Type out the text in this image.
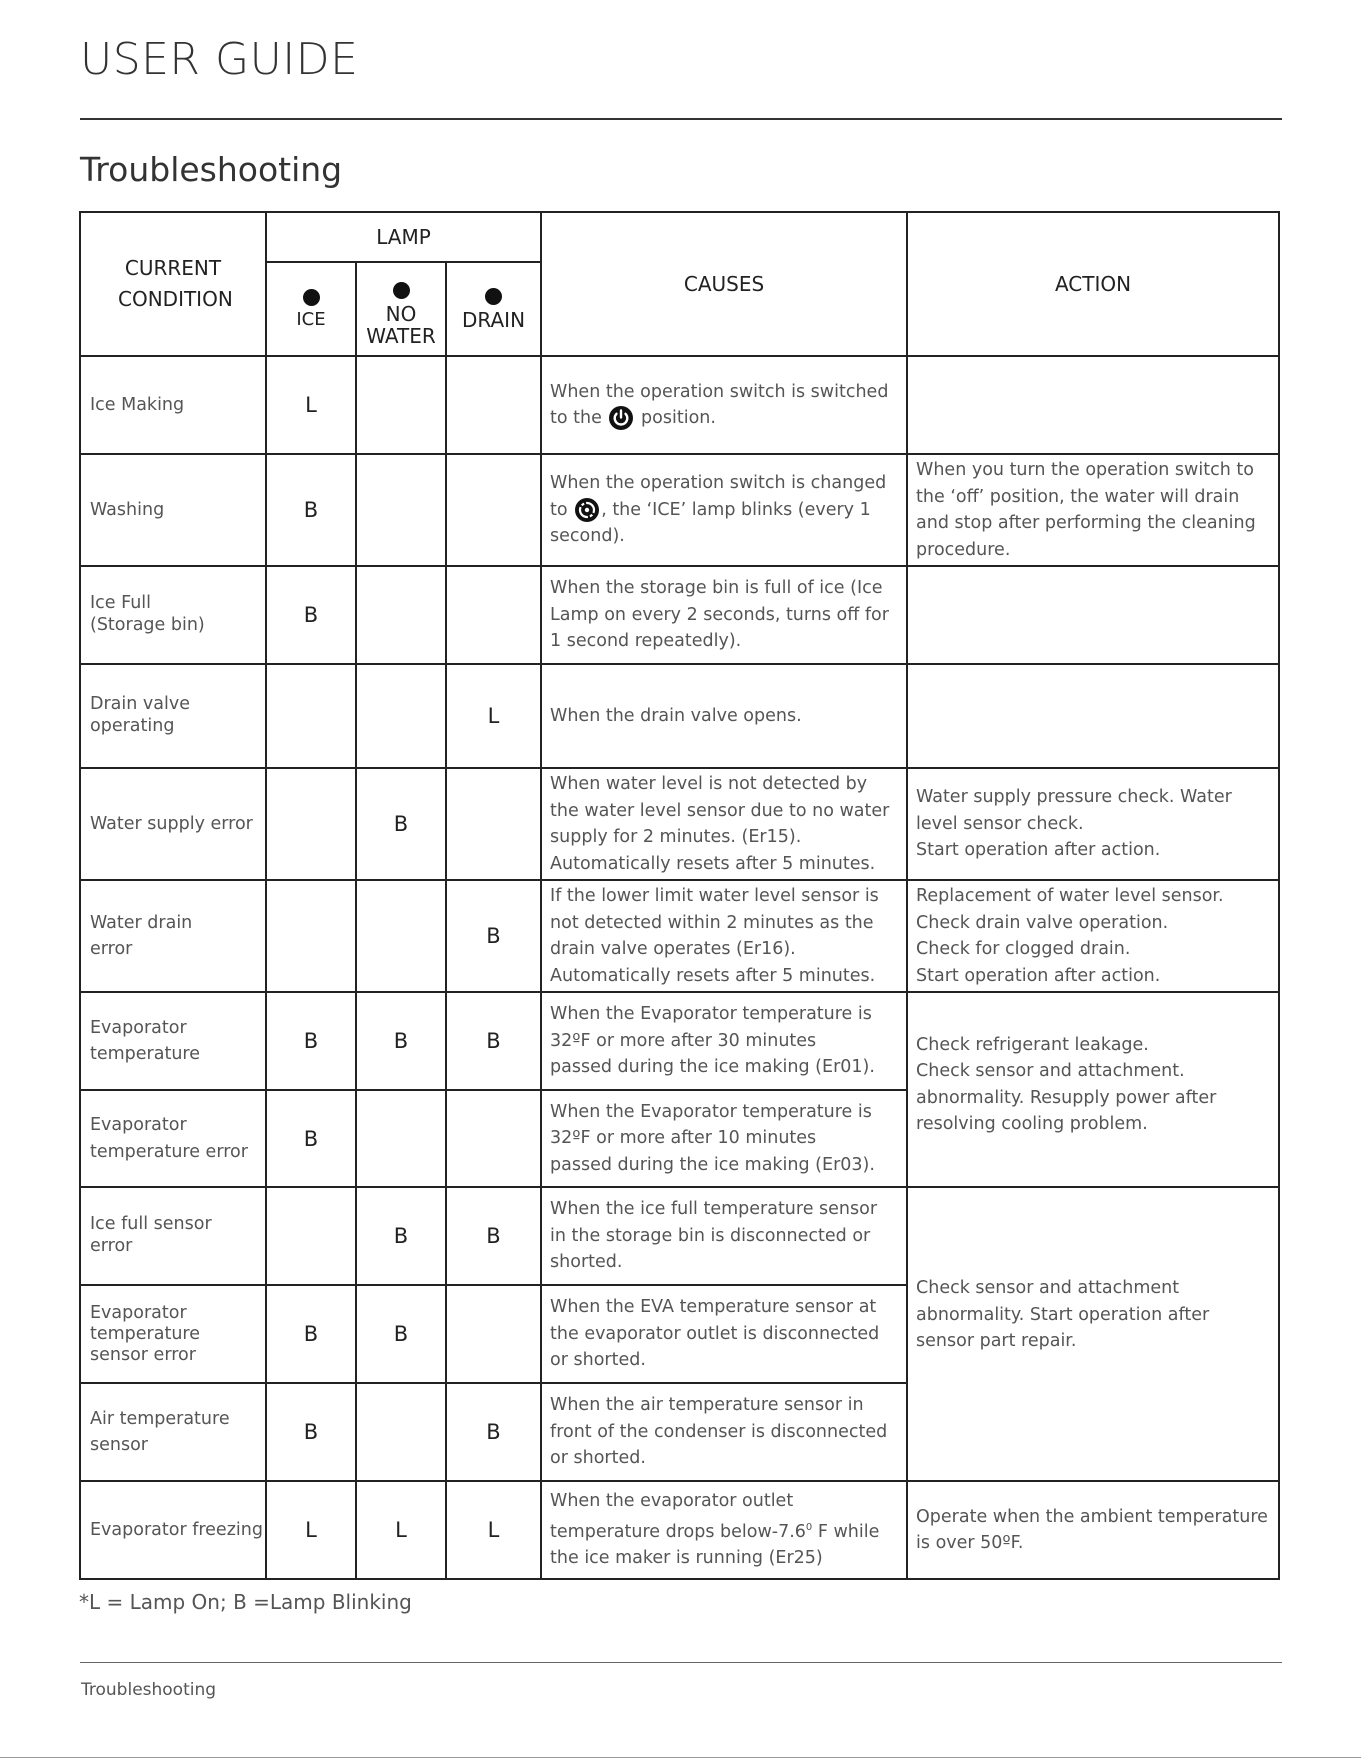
USER GUIDE
Troubleshooting
CURRENT CONDITION	LAMP			CAUSES	ACTION

ICE	NO WATER	DRAIN		
Ice Making	L			When the operation switch is switched to the position.	
Washing	B			When the operation switch is changed to , the ‘ICE’ lamp blinks (every 1 second).	When you turn the operation switch to the ‘off’ position, the water will drain and stop after performing the cleaning procedure.
Ice Full
(Storage bin)	B			When the storage bin is full of ice (Ice Lamp on every 2 seconds, turns off for 1 second repeatedly).	
Drain valve
operating			L	When the drain valve opens.	
Water supply error		B		When water level is not detected by the water level sensor due to no water supply for 2 minutes. (Er15). Automatically resets after 5 minutes.	Water supply pressure check. Water level sensor check.
Start operation after action.
Water drain
error			B	If the lower limit water level sensor is not detected within 2 minutes as the drain valve operates (Er16).
Automatically resets after 5 minutes.	Replacement of water level sensor. Check drain valve operation.
Check for clogged drain.
Start operation after action.
Evaporator
temperature	B	B	B	When the Evaporator temperature is 32ºF or more after 30 minutes
passed during the ice making (Er01).	Check refrigerant leakage.
Check sensor and attachment.
abnormality. Resupply power after resolving cooling problem.
Evaporator
temperature error	B			When the Evaporator temperature is 32ºF or more after 10 minutes
passed during the ice making (Er03).	
Ice full sensor
error		B	B	When the ice full temperature sensor in the storage bin is disconnected or shorted.	Check sensor and attachment abnormality. Start operation after sensor part repair.
Evaporator
temperature
sensor error	B	B		When the EVA temperature sensor at the evaporator outlet is disconnected or shorted.	
Air temperature
sensor	B		B	When the air temperature sensor in front of the condenser is disconnected or shorted.	
Evaporator freezing	L	L	L	When the evaporator outlet temperature drops below-$7.6^0$ F while the ice maker is running (Er25)	Operate when the ambient temperature is over 50ºF.
*L = Lamp On; B =Lamp Blinking
Troubleshooting
